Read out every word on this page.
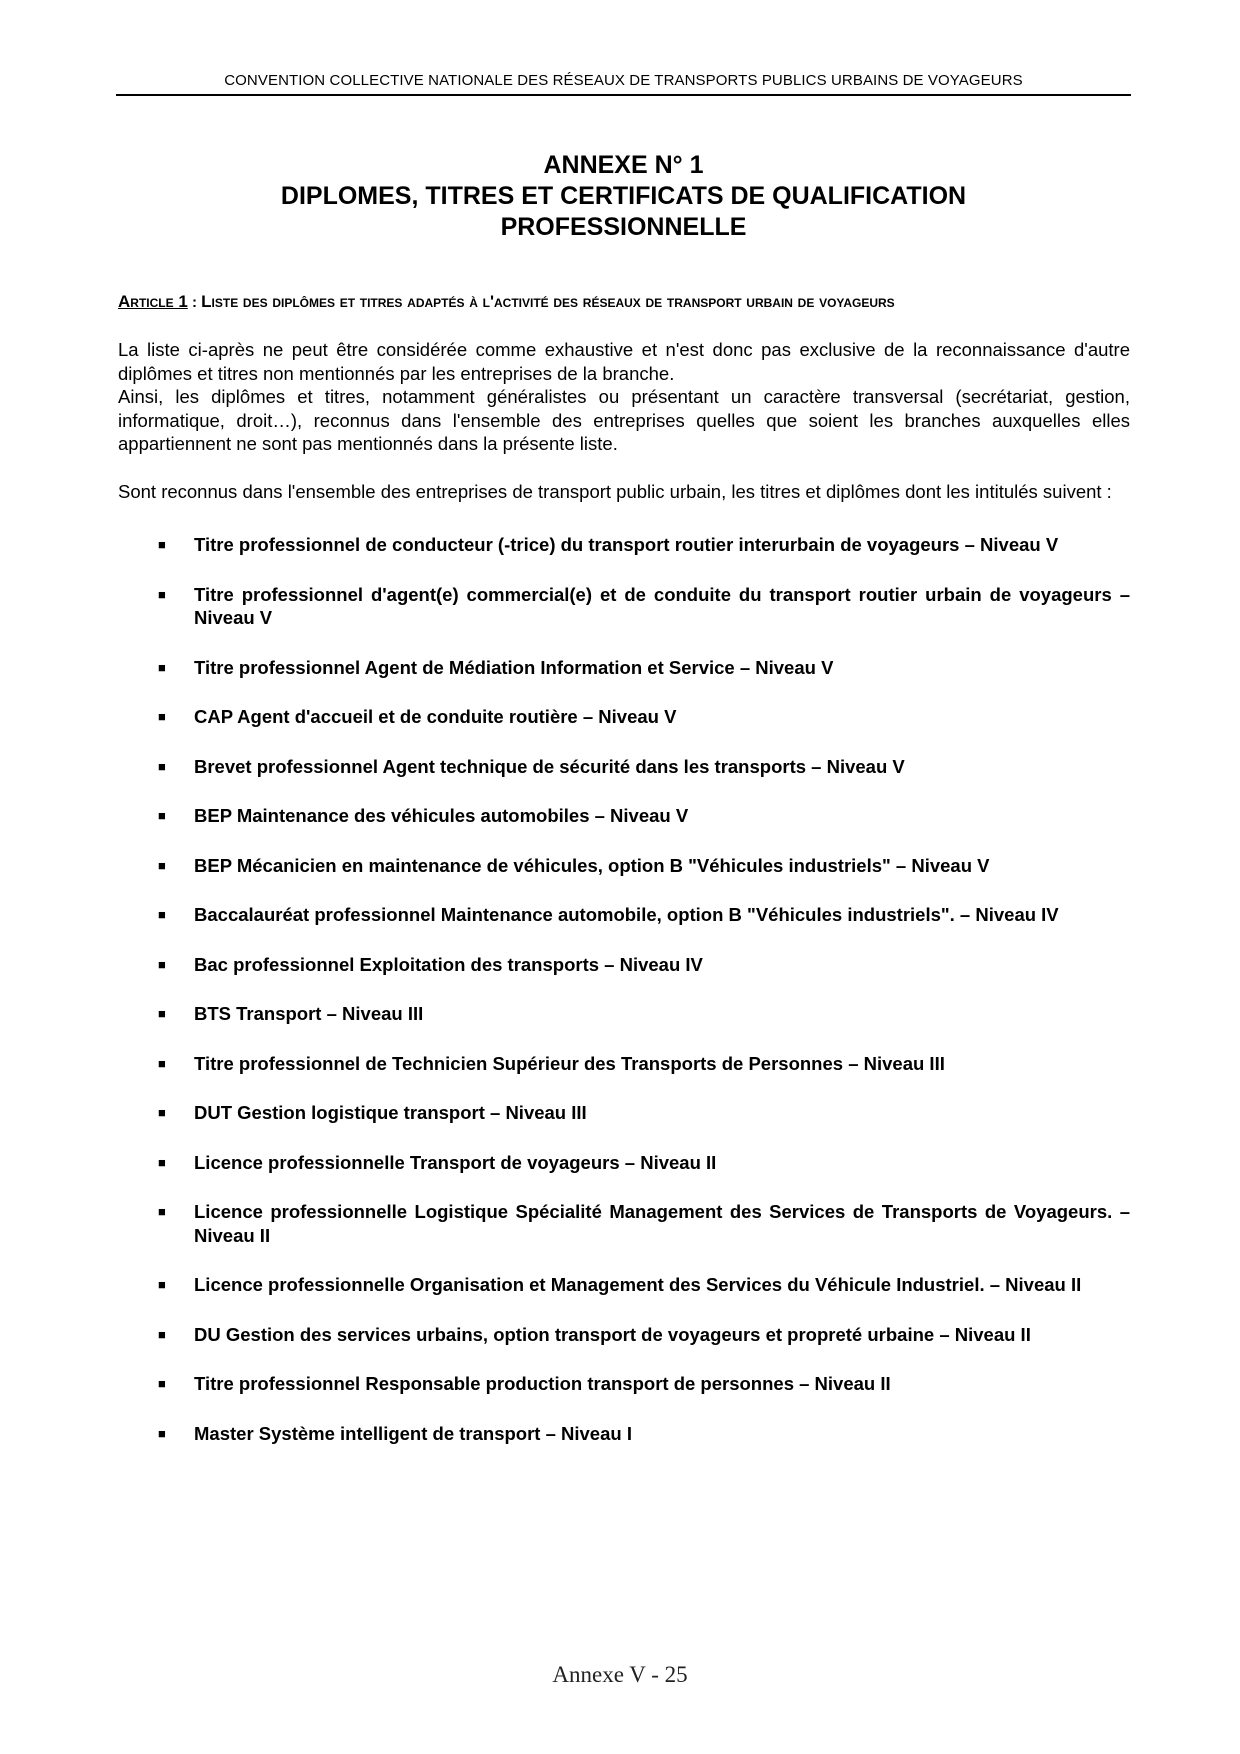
CONVENTION COLLECTIVE NATIONALE DES RÉSEAUX DE TRANSPORTS PUBLICS URBAINS DE VOYAGEURS
ANNEXE N° 1
DIPLOMES, TITRES ET CERTIFICATS DE QUALIFICATION
PROFESSIONNELLE
Article 1 : Liste des diplômes et titres adaptés à l'activité des réseaux de transport urbain de voyageurs

La liste ci-après ne peut être considérée comme exhaustive et n'est donc pas exclusive de la reconnaissance d'autre diplômes et titres non mentionnés par les entreprises de la branche.
Ainsi, les diplômes et titres, notamment généralistes ou présentant un caractère transversal (secrétariat, gestion, informatique, droit…), reconnus dans l'ensemble des entreprises quelles que soient les branches auxquelles elles appartiennent ne sont pas mentionnés dans la présente liste.

Sont reconnus dans l'ensemble des entreprises de transport public urbain, les titres et diplômes dont les intitulés suivent :

■ Titre professionnel de conducteur (-trice) du transport routier interurbain de voyageurs – Niveau V
■ Titre professionnel d'agent(e) commercial(e) et de conduite du transport routier urbain de voyageurs – Niveau V
■ Titre professionnel Agent de Médiation Information et Service – Niveau V
■ CAP Agent d'accueil et de conduite routière – Niveau V
■ Brevet professionnel Agent technique de sécurité dans les transports – Niveau V
■ BEP Maintenance des véhicules automobiles – Niveau V
■ BEP Mécanicien en maintenance de véhicules, option B "Véhicules industriels" – Niveau V
■ Baccalauréat professionnel Maintenance automobile, option B "Véhicules industriels". – Niveau IV
■ Bac professionnel Exploitation des transports – Niveau IV
■ BTS Transport – Niveau III
■ Titre professionnel de Technicien Supérieur des Transports de Personnes – Niveau III
■ DUT Gestion logistique transport – Niveau III
■ Licence professionnelle Transport de voyageurs – Niveau II
■ Licence professionnelle Logistique Spécialité Management des Services de Transports de Voyageurs. – Niveau II
■ Licence professionnelle Organisation et Management des Services du Véhicule Industriel. – Niveau II
■ DU Gestion des services urbains, option transport de voyageurs et propreté urbaine – Niveau II
■ Titre professionnel Responsable production transport de personnes – Niveau II
■ Master Système intelligent de transport – Niveau I
Annexe V - 25
